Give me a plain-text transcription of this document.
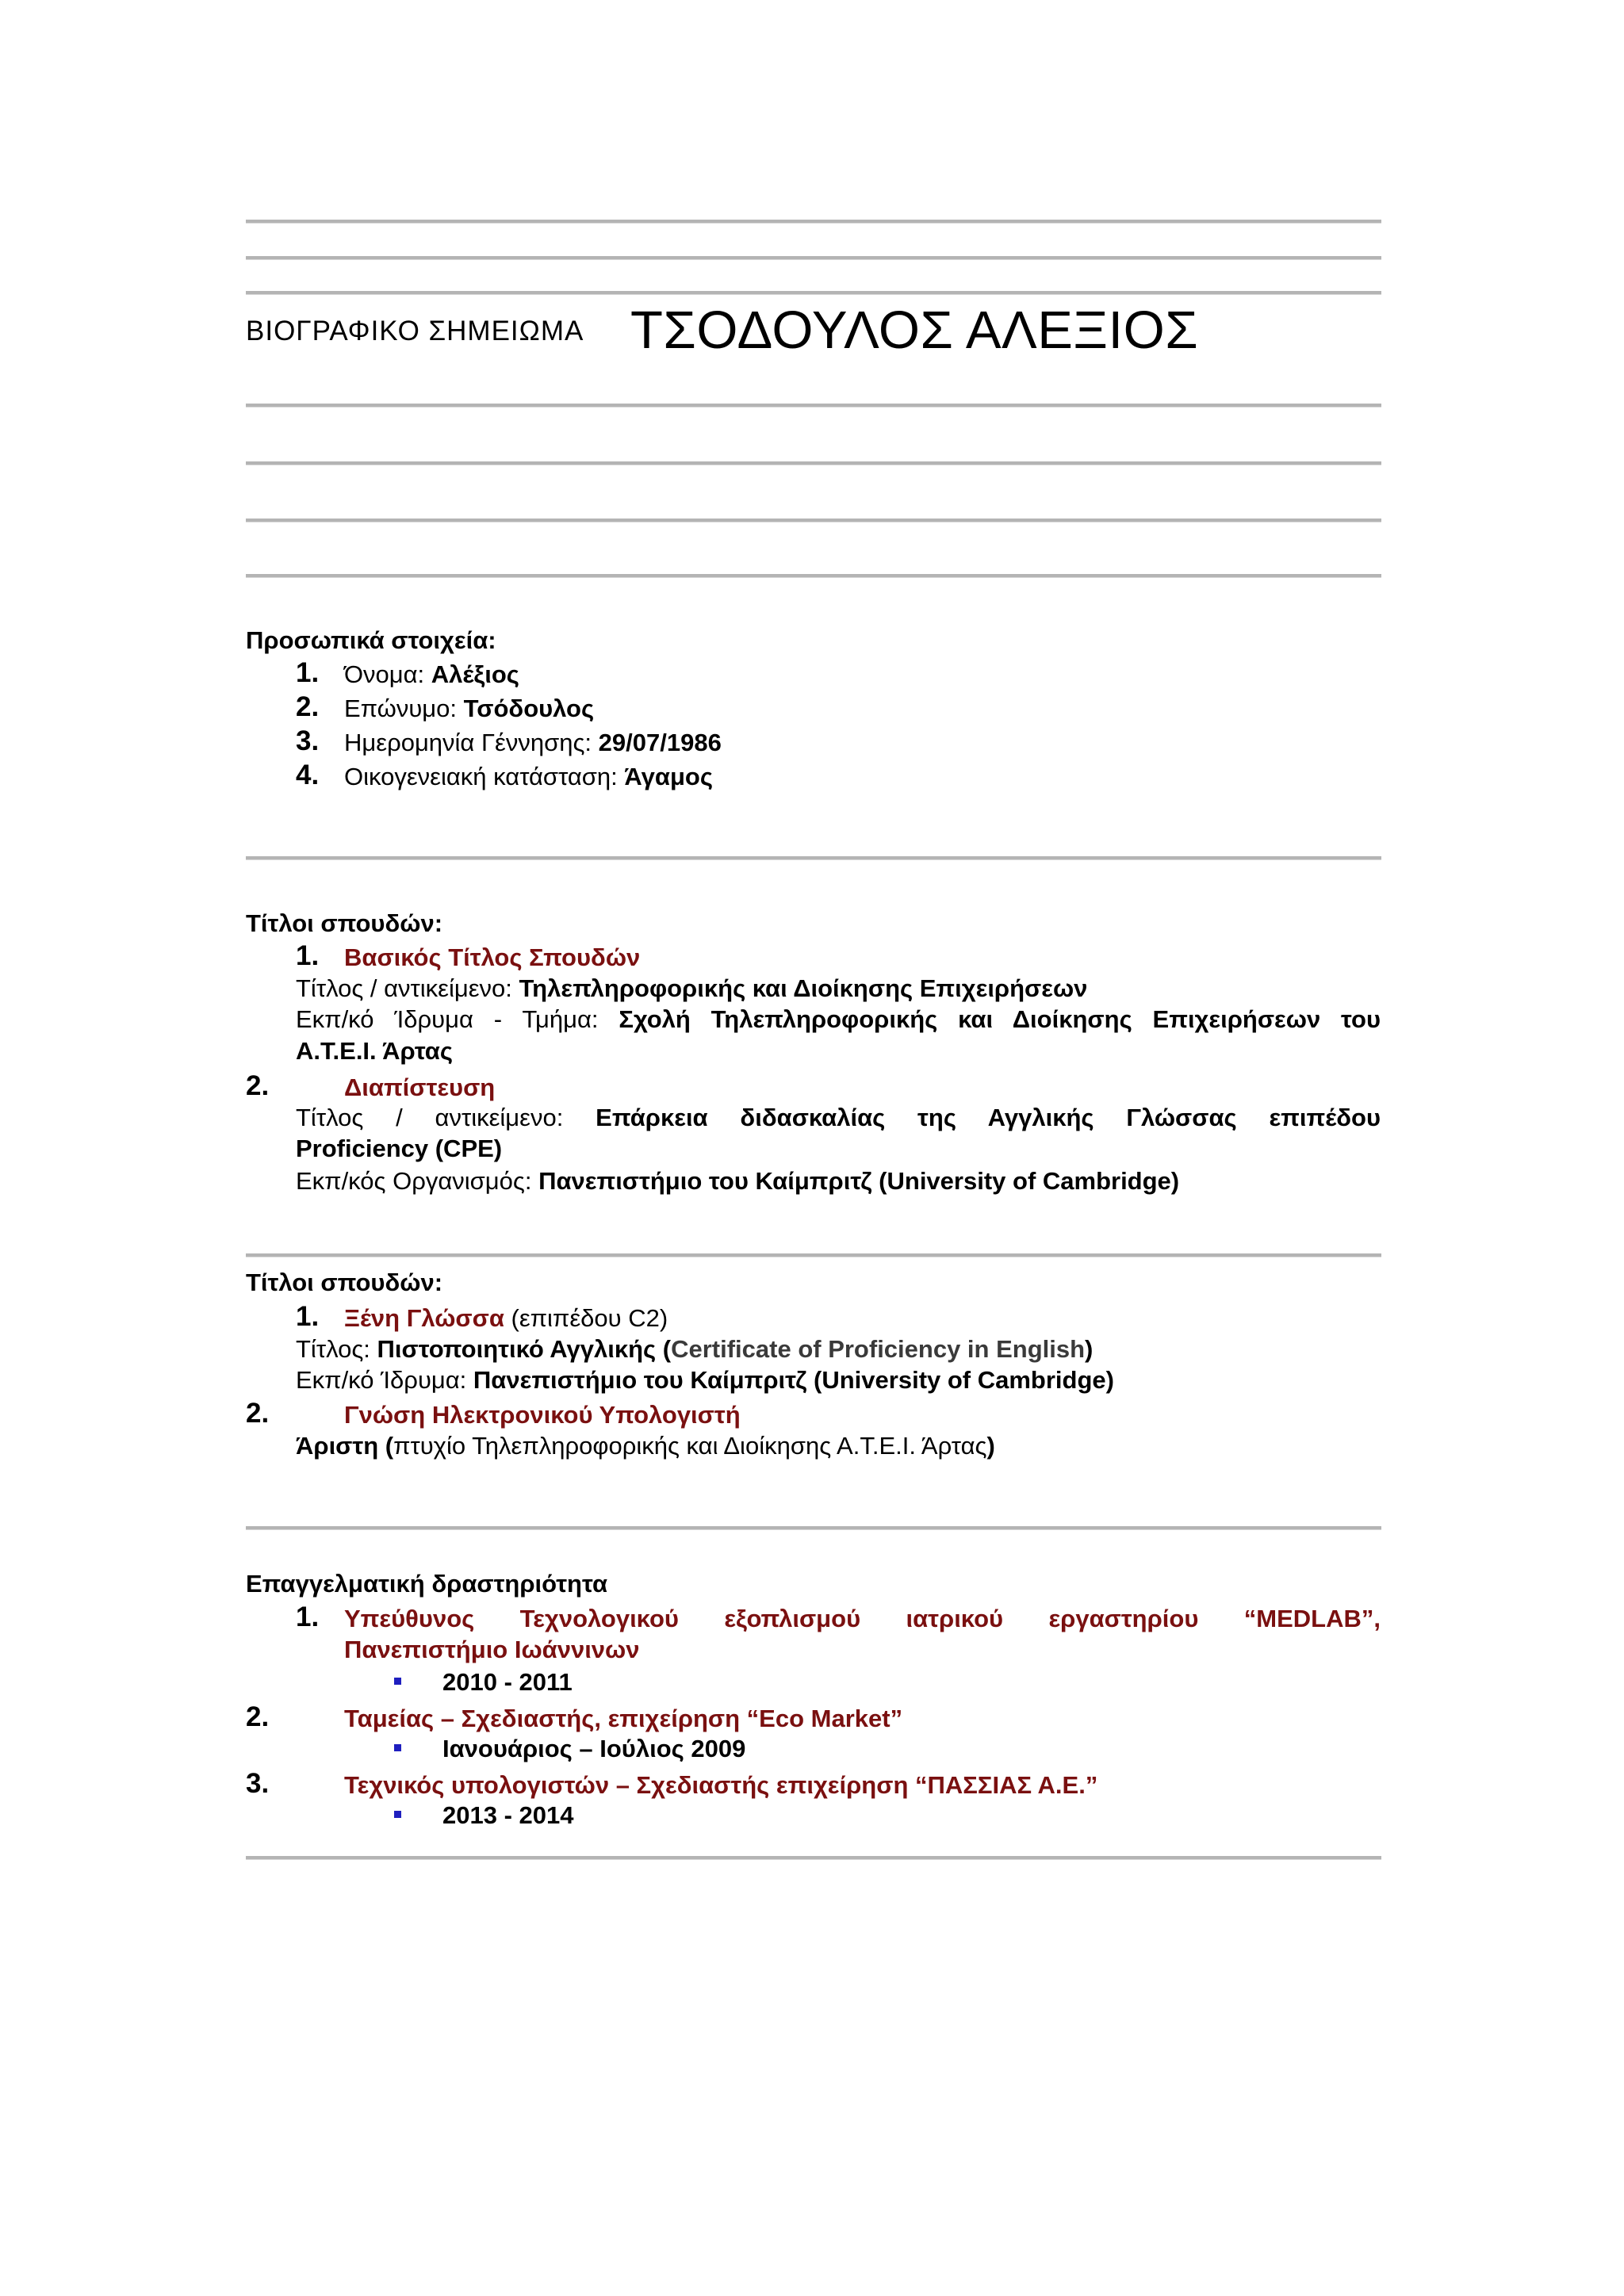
ΒΙΟΓΡΑΦΙΚΟ ΣΗΜΕΙΩΜΑ ΤΣΟΔΟΥΛΟΣ ΑΛΕΞΙΟΣ
Προσωπικά στοιχεία:
1. Όνομα: Αλέξιος
2. Επώνυμο: Τσόδουλος
3. Ημερομηνία Γέννησης: 29/07/1986
4. Οικογενειακή κατάσταση: Άγαμος
Τίτλοι σπουδών:
1. Βασικός Τίτλος Σπουδών
Τίτλος / αντικείμενο: Τηλεπληροφορικής και Διοίκησης Επιχειρήσεων
Εκπ/κό Ίδρυμα - Τμήμα: Σχολή Τηλεπληροφορικής και Διοίκησης Επιχειρήσεων του
Α.Τ.Ε.Ι. Άρτας
2.	Διαπίστευση
Τίτλος / αντικείμενο: Επάρκεια διδασκαλίας της Αγγλικής Γλώσσας επιπέδου
Proficiency (CPE)
Εκπ/κός Οργανισμός: Πανεπιστήμιο του Καίμπριτζ (University of Cambridge)
Τίτλοι σπουδών:
1. Ξένη Γλώσσα (επιπέδου C2)
Τίτλος: Πιστοποιητικό Αγγλικής (Certificate of Proficiency in English)
Εκπ/κό Ίδρυμα: Πανεπιστήμιο του Καίμπριτζ (University of Cambridge)
2.	Γνώση Ηλεκτρονικού Υπολογιστή
Άριστη (πτυχίο Τηλεπληροφορικής και Διοίκησης Α.Τ.Ε.Ι. Άρτας)
Επαγγελματική δραστηριότητα
1. Υπεύθυνος Τεχνολογικού εξοπλισμού ιατρικού εργαστηρίου “MEDLAB”,
Πανεπιστήμιο Ιωάννινων
2010 - 2011
2.	Ταμείας – Σχεδιαστής, επιχείρηση “Eco Market”
Ιανουάριος – Ιούλιος 2009
3.	Τεχνικός υπολογιστών – Σχεδιαστής επιχείρηση “ΠΑΣΣΙΑΣ Α.Ε.”
2013 - 2014
